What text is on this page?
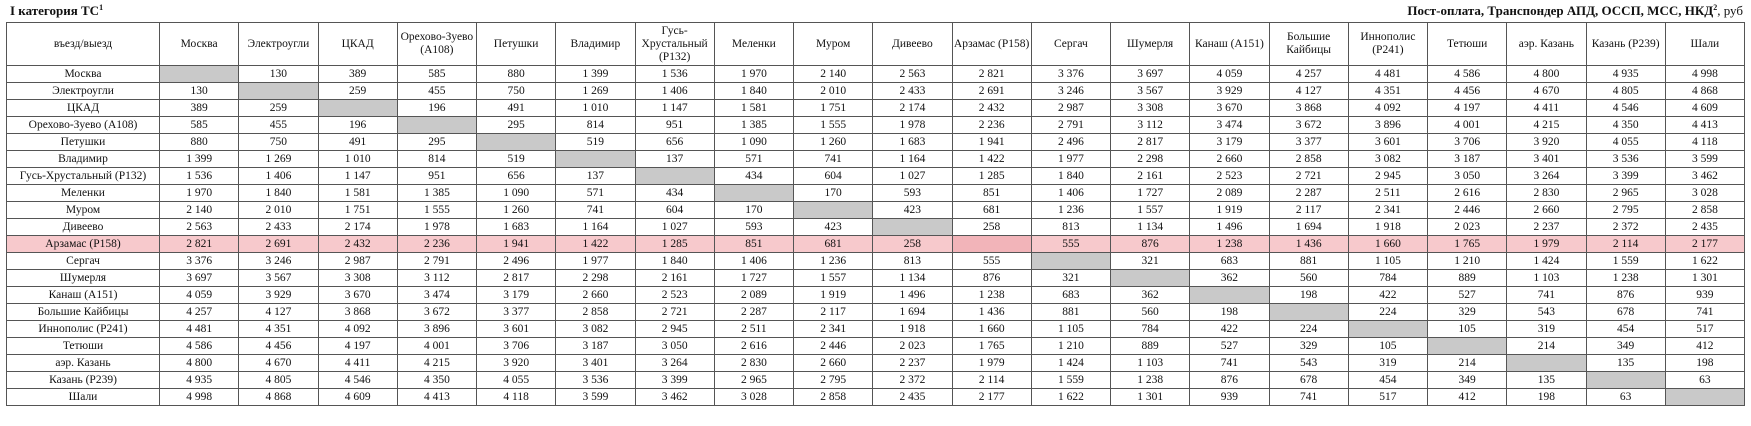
I категория $ТС^1$	Пост-оплата, Транспондер АПД, ОССП, МСС, НКД$^2$, руб
въезд/выезд	Москва	Электроугли	ЦКАД	Орехово-Зуево (А108)	Петушки	Владимир	Гусь-Хрустальный (Р132)	Меленки	Муром	Дивеево	Арзамас (Р158)	Сергач	Шумерля	Канаш (А151)	Большие Кайбицы	Иннополис (Р241)	Тетюши	аэр. Казань	Казань (Р239)	Шали
Москва		130	389	585	880	1 399	1 536	1 970	2 140	2 563	2 821	3 376	3 697	4 059	4 257	4 481	4 586	4 800	4 935	4 998
Электроугли	130		259	455	750	1 269	1 406	1 840	2 010	2 433	2 691	3 246	3 567	3 929	4 127	4 351	4 456	4 670	4 805	4 868
ЦКАД	389	259		196	491	1 010	1 147	1 581	1 751	2 174	2 432	2 987	3 308	3 670	3 868	4 092	4 197	4 411	4 546	4 609
Орехово-Зуево (А108)	585	455	196		295	814	951	1 385	1 555	1 978	2 236	2 791	3 112	3 474	3 672	3 896	4 001	4 215	4 350	4 413
Петушки	880	750	491	295		519	656	1 090	1 260	1 683	1 941	2 496	2 817	3 179	3 377	3 601	3 706	3 920	4 055	4 118
Владимир	1 399	1 269	1 010	814	519		137	571	741	1 164	1 422	1 977	2 298	2 660	2 858	3 082	3 187	3 401	3 536	3 599
Гусь-Хрустальный (Р132)	1 536	1 406	1 147	951	656	137		434	604	1 027	1 285	1 840	2 161	2 523	2 721	2 945	3 050	3 264	3 399	3 462
Меленки	1 970	1 840	1 581	1 385	1 090	571	434		170	593	851	1 406	1 727	2 089	2 287	2 511	2 616	2 830	2 965	3 028
Муром	2 140	2 010	1 751	1 555	1 260	741	604	170		423	681	1 236	1 557	1 919	2 117	2 341	2 446	2 660	2 795	2 858
Дивеево	2 563	2 433	2 174	1 978	1 683	1 164	1 027	593	423		258	813	1 134	1 496	1 694	1 918	2 023	2 237	2 372	2 435
Арзамас (Р158)	2 821	2 691	2 432	2 236	1 941	1 422	1 285	851	681	258		555	876	1 238	1 436	1 660	1 765	1 979	2 114	2 177
Сергач	3 376	3 246	2 987	2 791	2 496	1 977	1 840	1 406	1 236	813	555		321	683	881	1 105	1 210	1 424	1 559	1 622
Шумерля	3 697	3 567	3 308	3 112	2 817	2 298	2 161	1 727	1 557	1 134	876	321		362	560	784	889	1 103	1 238	1 301
Канаш (А151)	4 059	3 929	3 670	3 474	3 179	2 660	2 523	2 089	1 919	1 496	1 238	683	362		198	422	527	741	876	939
Большие Кайбицы	4 257	4 127	3 868	3 672	3 377	2 858	2 721	2 287	2 117	1 694	1 436	881	560	198		224	329	543	678	741
Иннополис (Р241)	4 481	4 351	4 092	3 896	3 601	3 082	2 945	2 511	2 341	1 918	1 660	1 105	784	422	224		105	319	454	517
Тетюши	4 586	4 456	4 197	4 001	3 706	3 187	3 050	2 616	2 446	2 023	1 765	1 210	889	527	329	105		214	349	412
аэр. Казань	4 800	4 670	4 411	4 215	3 920	3 401	3 264	2 830	2 660	2 237	1 979	1 424	1 103	741	543	319	214		135	198
Казань (Р239)	4 935	4 805	4 546	4 350	4 055	3 536	3 399	2 965	2 795	2 372	2 114	1 559	1 238	876	678	454	349	135		63
Шали	4 998	4 868	4 609	4 413	4 118	3 599	3 462	3 028	2 858	2 435	2 177	1 622	1 301	939	741	517	412	198	63	
